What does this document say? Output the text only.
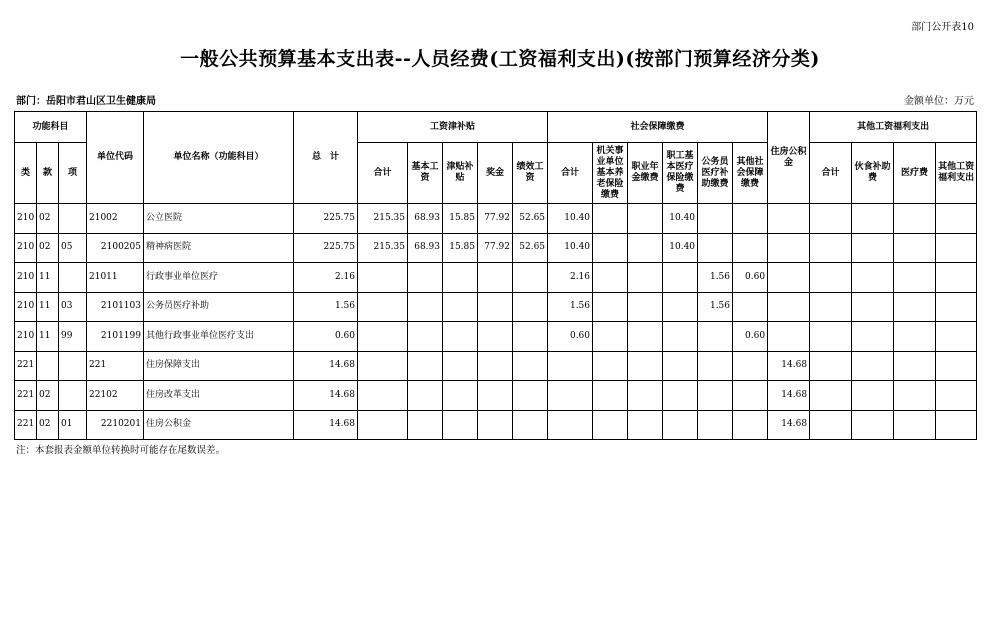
部门公开表10
一般公共预算基本支出表--人员经费(工资福利支出)(按部门预算经济分类)
部门：岳阳市君山区卫生健康局	金额单位：万元
功能科目			单位代码	单位名称（功能科目）	总　计	工资津补贴					社会保障缴费						住房公积金	其他工资福利支出			
类	款	项				合计	基本工资	津贴补贴	奖金	绩效工资	合计	机关事业单位基本养老保险缴费	职业年金缴费	职工基本医疗保险缴费	公务员医疗补助缴费	其他社会保障缴费		合计	伙食补助费	医疗费	其他工资福利支出
210	02		21002	公立医院	225.75	215.35	68.93	15.85	77.92	52.65	10.40			10.40							
210	02	05	2100205	精神病医院	225.75	215.35	68.93	15.85	77.92	52.65	10.40			10.40							
210	11		21011	行政事业单位医疗	2.16						2.16				1.56	0.60					
210	11	03	2101103	公务员医疗补助	1.56						1.56				1.56						
210	11	99	2101199	其他行政事业单位医疗支出	0.60						0.60					0.60					
221			221	住房保障支出	14.68												14.68				
221	02		22102	住房改革支出	14.68												14.68				
221	02	01	2210201	住房公积金	14.68												14.68				
注：本套报表金额单位转换时可能存在尾数误差。
